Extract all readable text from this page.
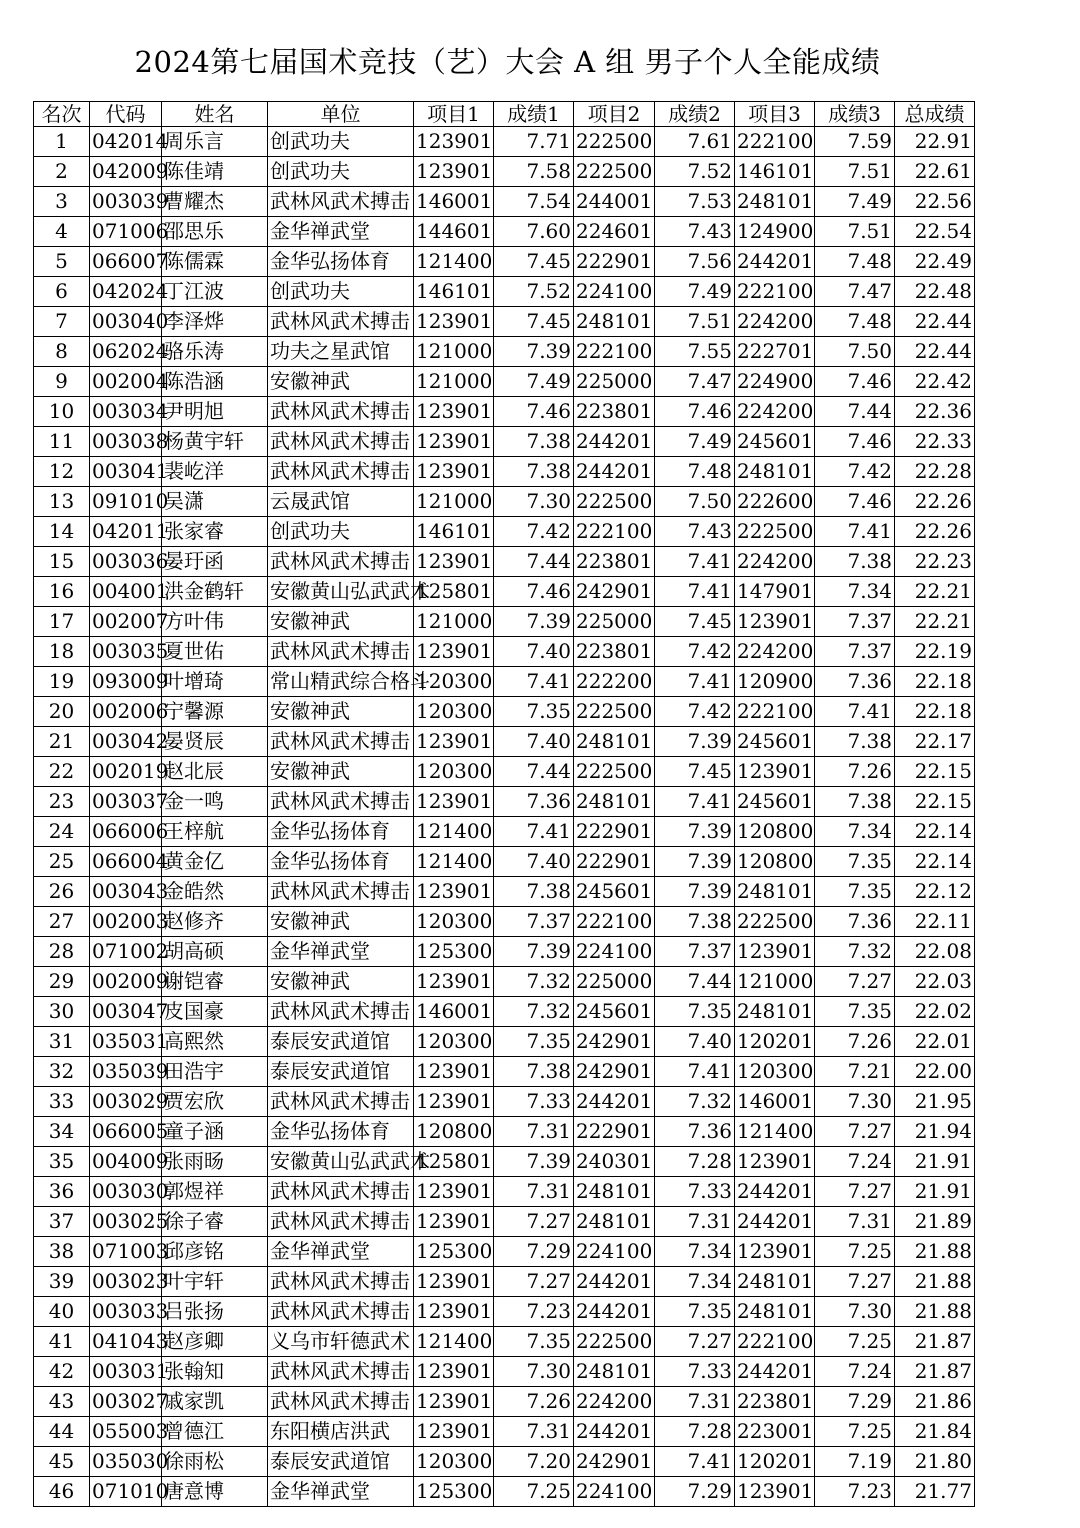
2024第七届国术竞技（艺）大会 A 组 男子个人全能成绩
名次	代码	姓名	单位	项目1	成绩1	项目2	成绩2	项目3	成绩3	总成绩
1	042014	周乐言	创武功夫	123901	7.71	222500	7.61	222100	7.59	22.91
2	042009	陈佳靖	创武功夫	123901	7.58	222500	7.52	146101	7.51	22.61
3	003039	曹耀杰	武林风武术搏击	146001	7.54	244001	7.53	248101	7.49	22.56
4	071006	邵思乐	金华禅武堂	144601	7.60	224601	7.43	124900	7.51	22.54
5	066007	陈儒霖	金华弘扬体育	121400	7.45	222901	7.56	244201	7.48	22.49
6	042024	丁江波	创武功夫	146101	7.52	224100	7.49	222100	7.47	22.48
7	003040	李泽烨	武林风武术搏击	123901	7.45	248101	7.51	224200	7.48	22.44
8	062024	骆乐涛	功夫之星武馆	121000	7.39	222100	7.55	222701	7.50	22.44
9	002004	陈浩涵	安徽神武	121000	7.49	225000	7.47	224900	7.46	22.42
10	003034	尹明旭	武林风武术搏击	123901	7.46	223801	7.46	224200	7.44	22.36
11	003038	杨黄宇轩	武林风武术搏击	123901	7.38	244201	7.49	245601	7.46	22.33
12	003041	裴屹洋	武林风武术搏击	123901	7.38	244201	7.48	248101	7.42	22.28
13	091010	吴潇	云晟武馆	121000	7.30	222500	7.50	222600	7.46	22.26
14	042011	张家睿	创武功夫	146101	7.42	222100	7.43	222500	7.41	22.26
15	003036	晏玗函	武林风武术搏击	123901	7.44	223801	7.41	224200	7.38	22.23
16	004001	洪金鹤轩	安徽黄山弘武武术	125801	7.46	242901	7.41	147901	7.34	22.21
17	002007	方叶伟	安徽神武	121000	7.39	225000	7.45	123901	7.37	22.21
18	003035	夏世佑	武林风武术搏击	123901	7.40	223801	7.42	224200	7.37	22.19
19	093009	叶增琦	常山精武综合格斗	120300	7.41	222200	7.41	120900	7.36	22.18
20	002006	宁馨源	安徽神武	120300	7.35	222500	7.42	222100	7.41	22.18
21	003042	晏贤辰	武林风武术搏击	123901	7.40	248101	7.39	245601	7.38	22.17
22	002019	赵北辰	安徽神武	120300	7.44	222500	7.45	123901	7.26	22.15
23	003037	金一鸣	武林风武术搏击	123901	7.36	248101	7.41	245601	7.38	22.15
24	066006	王梓航	金华弘扬体育	121400	7.41	222901	7.39	120800	7.34	22.14
25	066004	黄金亿	金华弘扬体育	121400	7.40	222901	7.39	120800	7.35	22.14
26	003043	金皓然	武林风武术搏击	123901	7.38	245601	7.39	248101	7.35	22.12
27	002003	赵修齐	安徽神武	120300	7.37	222100	7.38	222500	7.36	22.11
28	071002	胡高硕	金华禅武堂	125300	7.39	224100	7.37	123901	7.32	22.08
29	002009	谢铠睿	安徽神武	123901	7.32	225000	7.44	121000	7.27	22.03
30	003047	皮国豪	武林风武术搏击	146001	7.32	245601	7.35	248101	7.35	22.02
31	035031	高熙然	泰辰安武道馆	120300	7.35	242901	7.40	120201	7.26	22.01
32	035039	田浩宇	泰辰安武道馆	123901	7.38	242901	7.41	120300	7.21	22.00
33	003029	贾宏欣	武林风武术搏击	123901	7.33	244201	7.32	146001	7.30	21.95
34	066005	童子涵	金华弘扬体育	120800	7.31	222901	7.36	121400	7.27	21.94
35	004009	张雨旸	安徽黄山弘武武术	125801	7.39	240301	7.28	123901	7.24	21.91
36	003030	郭煜祥	武林风武术搏击	123901	7.31	248101	7.33	244201	7.27	21.91
37	003025	徐子睿	武林风武术搏击	123901	7.27	248101	7.31	244201	7.31	21.89
38	071003	邱彦铭	金华禅武堂	125300	7.29	224100	7.34	123901	7.25	21.88
39	003023	叶宇轩	武林风武术搏击	123901	7.27	244201	7.34	248101	7.27	21.88
40	003033	吕张扬	武林风武术搏击	123901	7.23	244201	7.35	248101	7.30	21.88
41	041043	赵彦卿	义乌市轩德武术	121400	7.35	222500	7.27	222100	7.25	21.87
42	003031	张翰知	武林风武术搏击	123901	7.30	248101	7.33	244201	7.24	21.87
43	003027	戚家凯	武林风武术搏击	123901	7.26	224200	7.31	223801	7.29	21.86
44	055003	曾德江	东阳横店洪武	123901	7.31	244201	7.28	223001	7.25	21.84
45	035030	徐雨松	泰辰安武道馆	120300	7.20	242901	7.41	120201	7.19	21.80
46	071010	唐意博	金华禅武堂	125300	7.25	224100	7.29	123901	7.23	21.77
